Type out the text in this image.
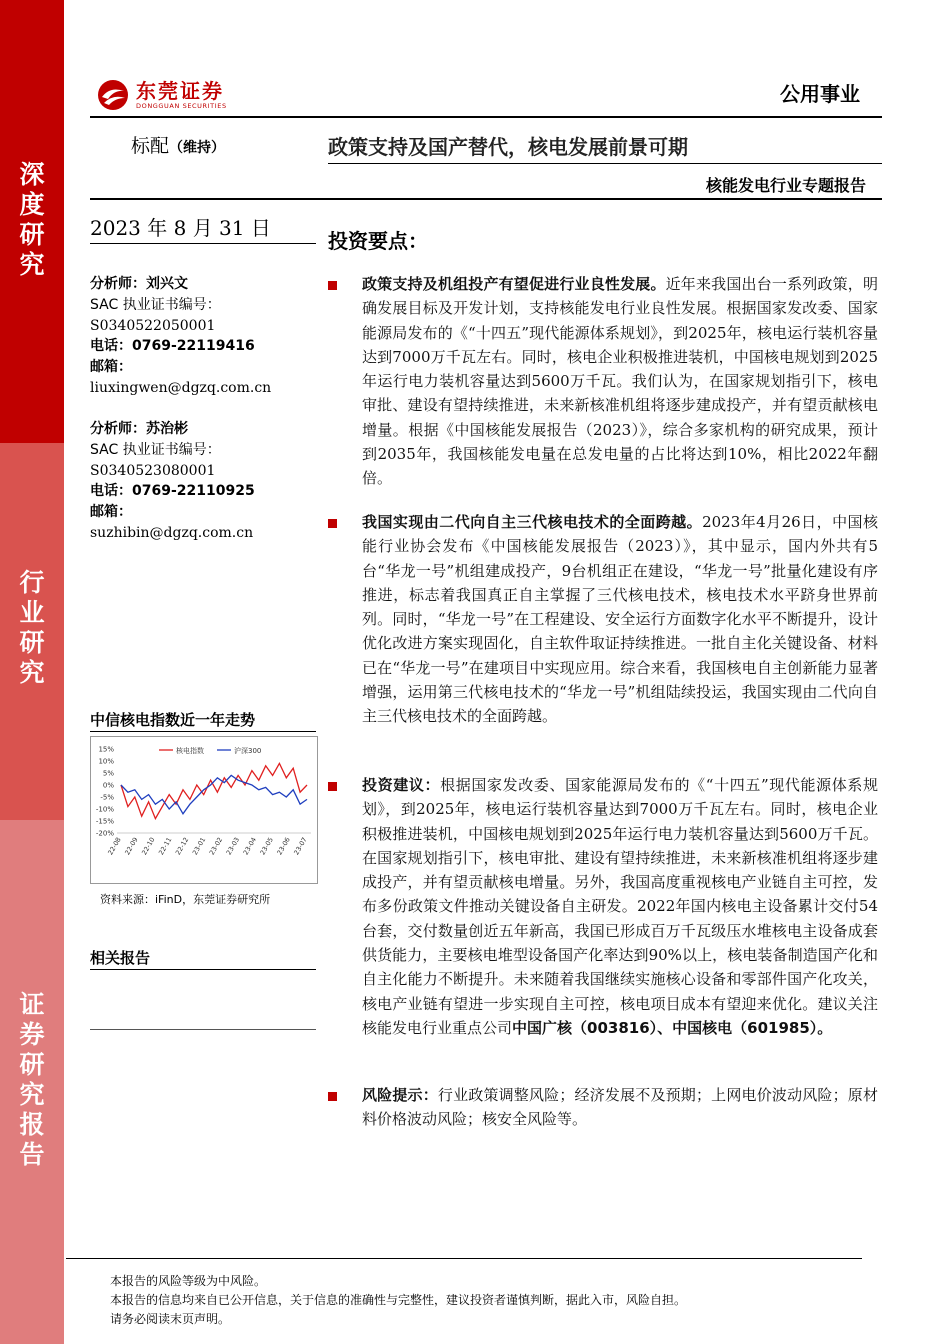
深度研究
行业研究
证券研究报告
东莞证券
DONGGUAN SECURITIES	公用事业
标配（维持）	政策支持及国产替代，核电发展前景可期
核能发电行业专题报告
2023 年 8 月 31 日
分析师：刘兴文
SAC 执业证书编号：
S0340522050001
电话：0769-22119416
邮箱：
liuxingwen@dgzq.com.cn
分析师：苏治彬
SAC 执业证书编号：
S0340523080001
电话：0769-22110925
邮箱：
suzhibin@dgzq.com.cn
中信核电指数近一年走势
15%
10%
5%
0%
-5%
-10%
-15%
-20%
22-08 22-09 22-10 22-11 22-12 23-01 23-02 23-03 23-04 23-05 23-06 23-07
核电指数	沪深300
资料来源：iFinD，东莞证券研究所
相关报告
投资要点：

政策支持及机组投产有望促进行业良性发展。近年来我国出台一系列政策，明确发展目标及开发计划，支持核能发电行业良性发展。根据国家发改委、国家能源局发布的《“十四五”现代能源体系规划》，到2025年，核电运行装机容量达到7000万千瓦左右。同时，核电企业积极推进装机，中国核电规划到2025年运行电力装机容量达到5600万千瓦。我们认为，在国家规划指引下，核电审批、建设有望持续推进，未来新核准机组将逐步建成投产，并有望贡献核电增量。根据《中国核能发展报告（2023）》，综合多家机构的研究成果，预计到2035年，我国核能发电量在总发电量的占比将达到10%，相比2022年翻倍。

我国实现由二代向自主三代核电技术的全面跨越。2023年4月26日，中国核能行业协会发布《中国核能发展报告（2023）》，其中显示，国内外共有5台“华龙一号”机组建成投产，9台机组正在建设，“华龙一号”批量化建设有序推进，标志着我国真正自主掌握了三代核电技术，核电技术水平跻身世界前列。同时，“华龙一号”在工程建设、安全运行方面数字化水平不断提升，设计优化改进方案实现固化，自主软件取证持续推进。一批自主化关键设备、材料已在“华龙一号”在建项目中实现应用。综合来看，我国核电自主创新能力显著增强，运用第三代核电技术的“华龙一号”机组陆续投运，我国实现由二代向自主三代核电技术的全面跨越。

投资建议：根据国家发改委、国家能源局发布的《“十四五”现代能源体系规划》，到2025年，核电运行装机容量达到7000万千瓦左右。同时，核电企业积极推进装机，中国核电规划到2025年运行电力装机容量达到5600万千瓦。在国家规划指引下，核电审批、建设有望持续推进，未来新核准机组将逐步建成投产，并有望贡献核电增量。另外，我国高度重视核电产业链自主可控，发布多份政策文件推动关键设备自主研发。2022年国内核电主设备累计交付54台套，交付数量创近五年新高，我国已形成百万千瓦级压水堆核电主设备成套供货能力，主要核电堆型设备国产化率达到90%以上，核电装备制造国产化和自主化能力不断提升。未来随着我国继续实施核心设备和零部件国产化攻关，核电产业链有望进一步实现自主可控，核电项目成本有望迎来优化。建议关注核能发电行业重点公司中国广核（003816）、中国核电（601985）。

风险提示：行业政策调整风险；经济发展不及预期；上网电价波动风险；原材料价格波动风险；核安全风险等。

本报告的风险等级为中风险。
本报告的信息均来自已公开信息，关于信息的准确性与完整性，建议投资者谨慎判断，据此入市，风险自担。
请务必阅读末页声明。
